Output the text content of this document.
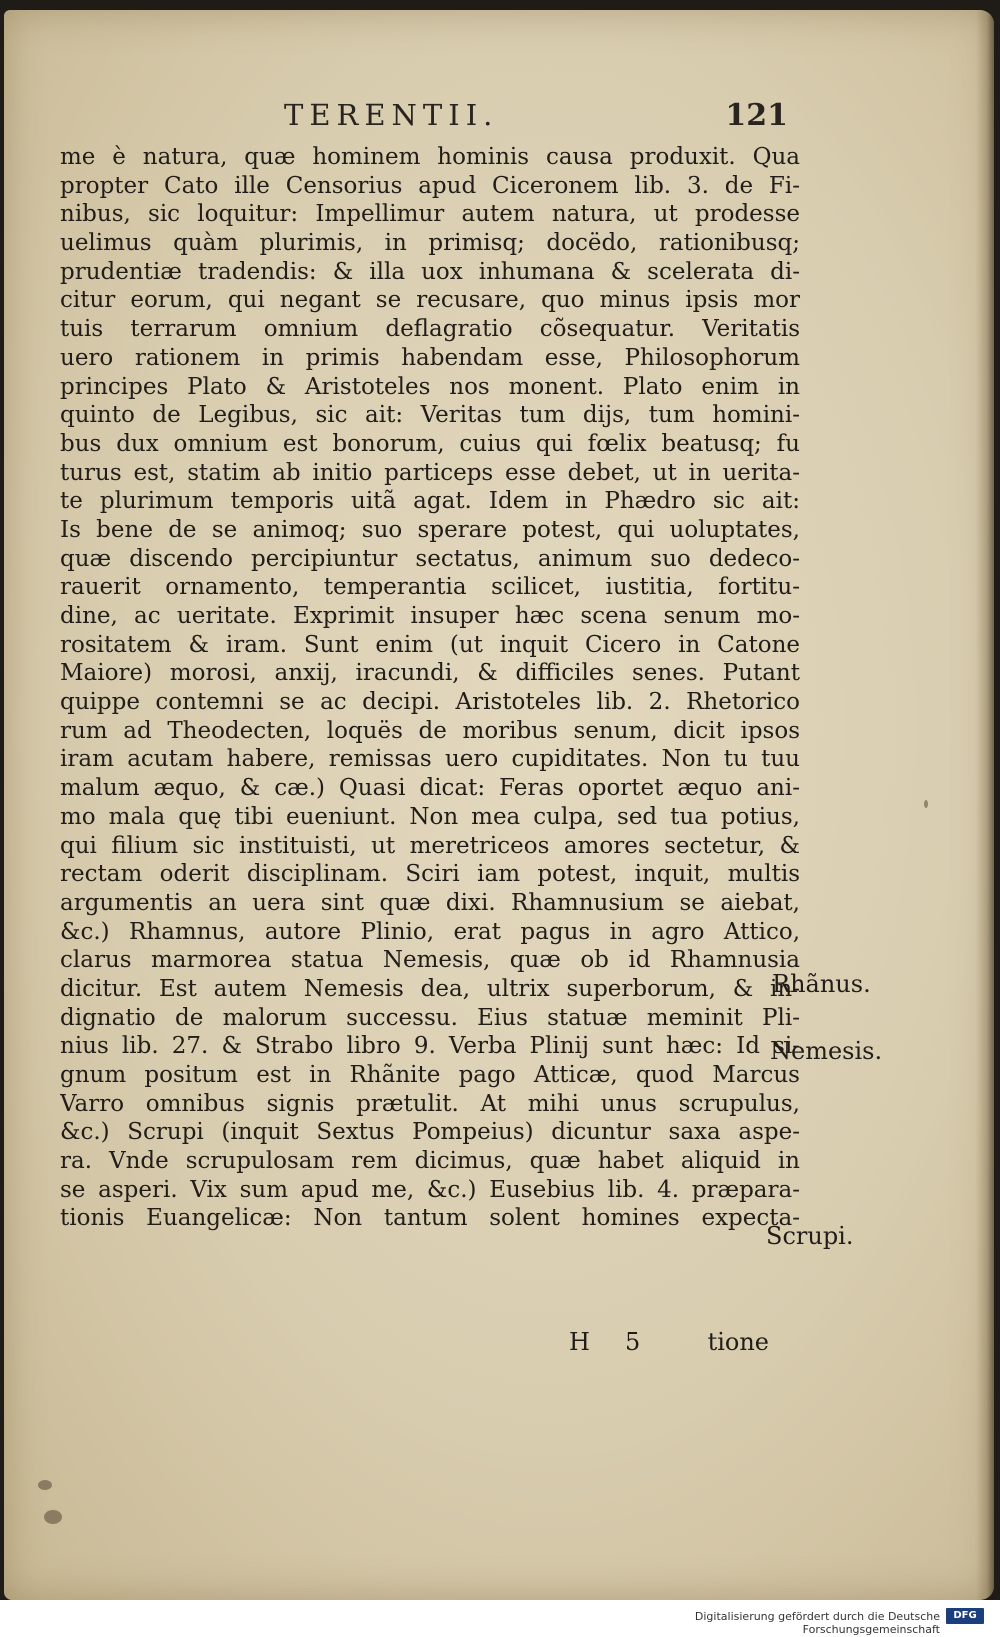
TERENTII.	121
me è natura, quæ hominem hominis causa produxit. Qua
propter Cato ille Censorius apud Ciceronem lib. 3. de Fi-
nibus, sic loquitur: Impellimur autem natura, ut prodesse
uelimus quàm plurimis, in primisq; docëdo, rationibusq;
prudentiæ tradendis: & illa uox inhumana & scelerata di-
citur eorum, qui negant se recusare, quo minus ipsis mor
tuis terrarum omnium deflagratio cõsequatur. Veritatis
uero rationem in primis habendam esse, Philosophorum
principes Plato & Aristoteles nos monent. Plato enim in
quinto de Legibus, sic ait: Veritas tum dijs, tum homini-
bus dux omnium est bonorum, cuius qui fœlix beatusq; fu
turus est, statim ab initio particeps esse debet, ut in uerita-
te plurimum temporis uitã agat. Idem in Phædro sic ait:
Is bene de se animoq; suo sperare potest, qui uoluptates,
quæ discendo percipiuntur sectatus, animum suo dedeco-
rauerit ornamento, temperantia scilicet, iustitia, fortitu-
dine, ac ueritate. Exprimit insuper hæc scena senum mo-
rositatem & iram. Sunt enim (ut inquit Cicero in Catone
Maiore) morosi, anxij, iracundi, & difficiles senes. Putant
quippe contemni se ac decipi. Aristoteles lib. 2. Rhetorico
rum ad Theodecten, loquës de moribus senum, dicit ipsos
iram acutam habere, remissas uero cupiditates. Non tu tuu
malum æquo, & cæ.) Quasi dicat: Feras oportet æquo ani-
mo mala quę tibi eueniunt. Non mea culpa, sed tua potius,
qui filium sic instituisti, ut meretriceos amores sectetur, &
rectam oderit disciplinam. Sciri iam potest, inquit, multis
argumentis an uera sint quæ dixi. Rhamnusium se aiebat,
&c.) Rhamnus, autore Plinio, erat pagus in agro Attico,
clarus marmorea statua Nemesis, quæ ob id Rhamnusia
dicitur. Est autem Nemesis dea, ultrix superborum, & in-
dignatio de malorum successu. Eius statuæ meminit Pli-
nius lib. 27. & Strabo libro 9. Verba Plinij sunt hæc: Id si-
gnum positum est in Rhãnite pago Atticæ, quod Marcus
Varro omnibus signis prætulit. At mihi unus scrupulus,
&c.) Scrupi (inquit Sextus Pompeius) dicuntur saxa aspe-
ra. Vnde scrupulosam rem dicimus, quæ habet aliquid in
se asperi. Vix sum apud me, &c.) Eusebius lib. 4. præpara-
tionis Euangelicæ: Non tantum solent homines expecta-
H 5	tione
Rhãnus.
Nemesis.
Scrupi.
Digitalisierung gefördert durch die Deutsche Forschungsgemeinschaft
DFG
